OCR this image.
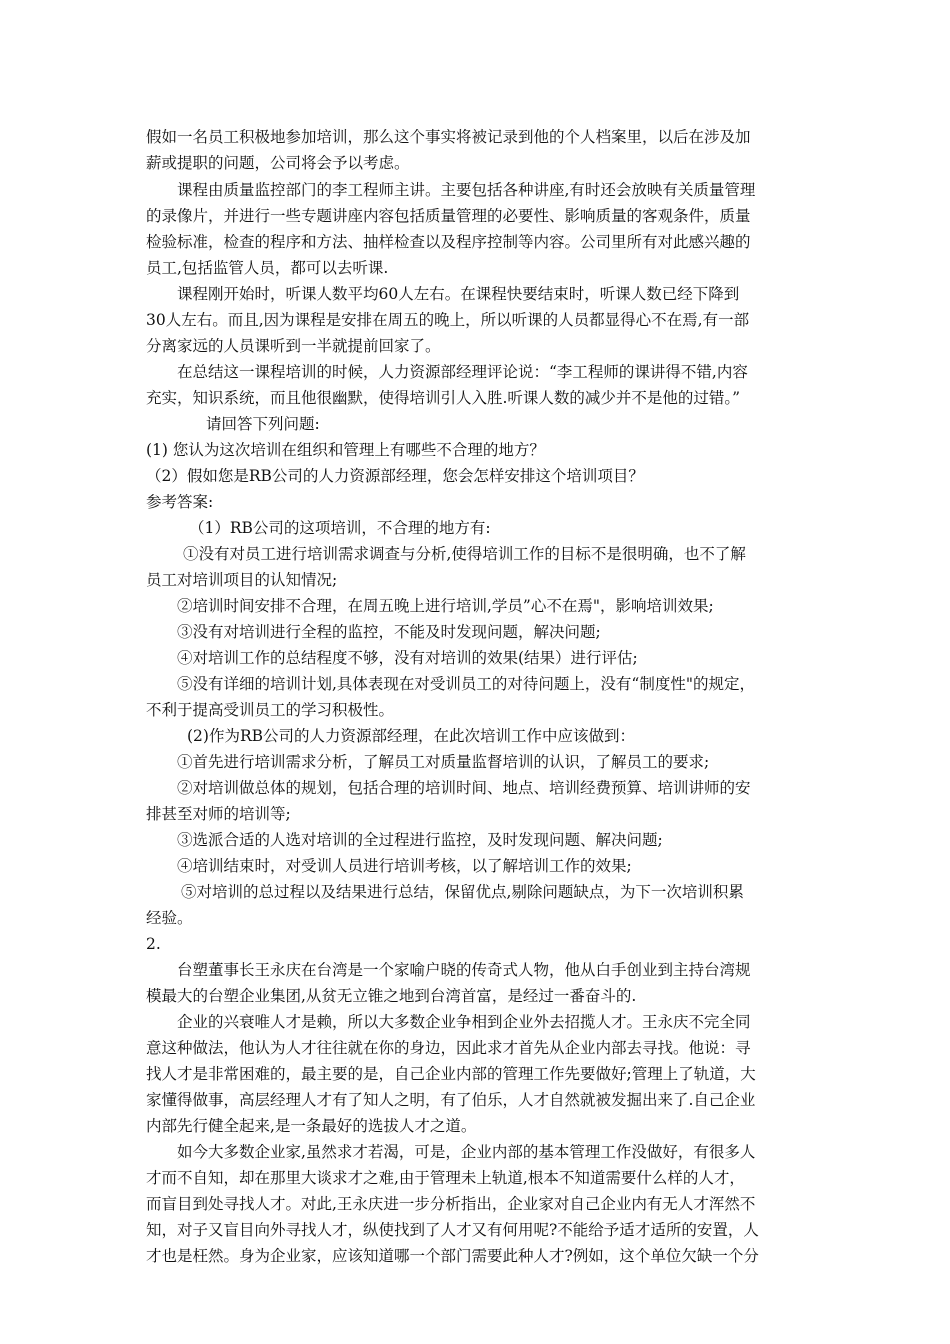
假如一名员工积极地参加培训，那么这个事实将被记录到他的个人档案里，以后在涉及加
薪或提职的问题，公司将会予以考虑。
课程由质量监控部门的李工程师主讲。主要包括各种讲座,有时还会放映有关质量管理
的录像片，并进行一些专题讲座内容包括质量管理的必要性、影响质量的客观条件，质量
检验标准，检查的程序和方法、抽样检查以及程序控制等内容。公司里所有对此感兴趣的
员工,包括监管人员，都可以去听课.
课程刚开始时，听课人数平均60人左右。在课程快要结束时，听课人数已经下降到
30人左右。而且,因为课程是安排在周五的晚上，所以听课的人员都显得心不在焉,有一部
分离家远的人员课听到一半就提前回家了。
在总结这一课程培训的时候，人力资源部经理评论说：“李工程师的课讲得不错,内容
充实，知识系统，而且他很幽默，使得培训引人入胜.听课人数的减少并不是他的过错。”
请回答下列问题:
(1) 您认为这次培训在组织和管理上有哪些不合理的地方？
（2）假如您是RB公司的人力资源部经理，您会怎样安排这个培训项目？
参考答案:
（1）RB公司的这项培训，不合理的地方有:
①没有对员工进行培训需求调查与分析,使得培训工作的目标不是很明确，也不了解
员工对培训项目的认知情况;
②培训时间安排不合理，在周五晚上进行培训,学员”心不在焉"，影响培训效果;
③没有对培训进行全程的监控，不能及时发现问题，解决问题;
④对培训工作的总结程度不够，没有对培训的效果(结果）进行评估;
⑤没有详细的培训计划,具体表现在对受训员工的对待问题上，没有“制度性"的规定，
不利于提高受训员工的学习积极性。
(2)作为RB公司的人力资源部经理，在此次培训工作中应该做到：
①首先进行培训需求分析，了解员工对质量监督培训的认识，了解员工的要求;
②对培训做总体的规划，包括合理的培训时间、地点、培训经费预算、培训讲师的安
排甚至对师的培训等;
③选派合适的人选对培训的全过程进行监控，及时发现问题、解决问题;
④培训结束时，对受训人员进行培训考核，以了解培训工作的效果;
⑤对培训的总过程以及结果进行总结，保留优点,剔除问题缺点，为下一次培训积累
经验。
2.
台塑董事长王永庆在台湾是一个家喻户晓的传奇式人物，他从白手创业到主持台湾规
模最大的台塑企业集团,从贫无立锥之地到台湾首富，是经过一番奋斗的.
企业的兴衰唯人才是赖，所以大多数企业争相到企业外去招揽人才。王永庆不完全同
意这种做法，他认为人才往往就在你的身边，因此求才首先从企业内部去寻找。他说：寻
找人才是非常困难的，最主要的是，自己企业内部的管理工作先要做好;管理上了轨道，大
家懂得做事，高层经理人才有了知人之明，有了伯乐，人才自然就被发掘出来了.自己企业
内部先行健全起来,是一条最好的选拔人才之道。
如今大多数企业家,虽然求才若渴，可是，企业内部的基本管理工作没做好，有很多人
才而不自知，却在那里大谈求才之难,由于管理未上轨道,根本不知道需要什么样的人才，
而盲目到处寻找人才。对此,王永庆进一步分析指出，企业家对自己企业内有无人才浑然不
知，对子又盲目向外寻找人才，纵使找到了人才又有何用呢?不能给予适才适所的安置，人
才也是枉然。身为企业家，应该知道哪一个部门需要此种人才?例如，这个单位欠缺一个分
